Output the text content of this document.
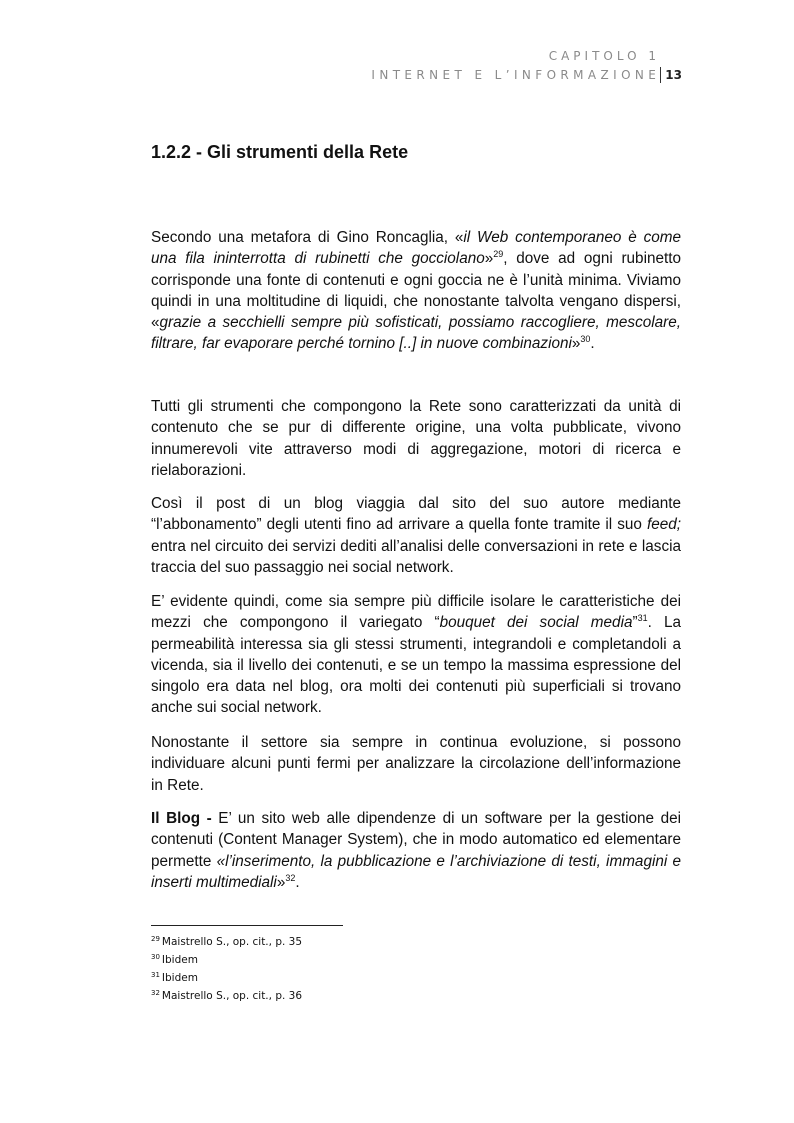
CAPITOLO 1
INTERNET E L’INFORMAZIONE 13
1.2.2 - Gli strumenti della Rete

Secondo una metafora di Gino Roncaglia, «il Web contemporaneo è come una fila ininterrotta di rubinetti che gocciolano»$^{29}$, dove ad ogni rubinetto corrisponde una fonte di contenuti e ogni goccia ne è l’unità minima. Viviamo quindi in una moltitudine di liquidi, che nonostante talvolta vengano dispersi, «grazie a secchielli sempre più sofisticati, possiamo raccogliere, mescolare, filtrare, far evaporare perché tornino [..] in nuove combinazioni»$^{30}$.

Tutti gli strumenti che compongono la Rete sono caratterizzati da unità di contenuto che se pur di differente origine, una volta pubblicate, vivono innumerevoli vite attraverso modi di aggregazione, motori di ricerca e rielaborazioni.

Così il post di un blog viaggia dal sito del suo autore mediante “l’abbonamento” degli utenti fino ad arrivare a quella fonte tramite il suo feed; entra nel circuito dei servizi dediti all’analisi delle conversazioni in rete e lascia traccia del suo passaggio nei social network.

E’ evidente quindi, come sia sempre più difficile isolare le caratteristiche dei mezzi che compongono il variegato “bouquet dei social media”$^{31}$. La permeabilità interessa sia gli stessi strumenti, integrandoli e completandoli a vicenda, sia il livello dei contenuti, e se un tempo la massima espressione del singolo era data nel blog, ora molti dei contenuti più superficiali si trovano anche sui social network.

Nonostante il settore sia sempre in continua evoluzione, si possono individuare alcuni punti fermi per analizzare la circolazione dell’informazione in Rete.

Il Blog - E’ un sito web alle dipendenze di un software per la gestione dei contenuti (Content Manager System), che in modo automatico ed elementare permette «l’inserimento, la pubblicazione e l’archiviazione di testi, immagini e inserti multimediali»$^{32}$.

$^{29}$ Maistrello S., op. cit., p. 35
$^{30}$ Ibidem
$^{31}$ Ibidem
$^{32}$ Maistrello S., op. cit., p. 36
